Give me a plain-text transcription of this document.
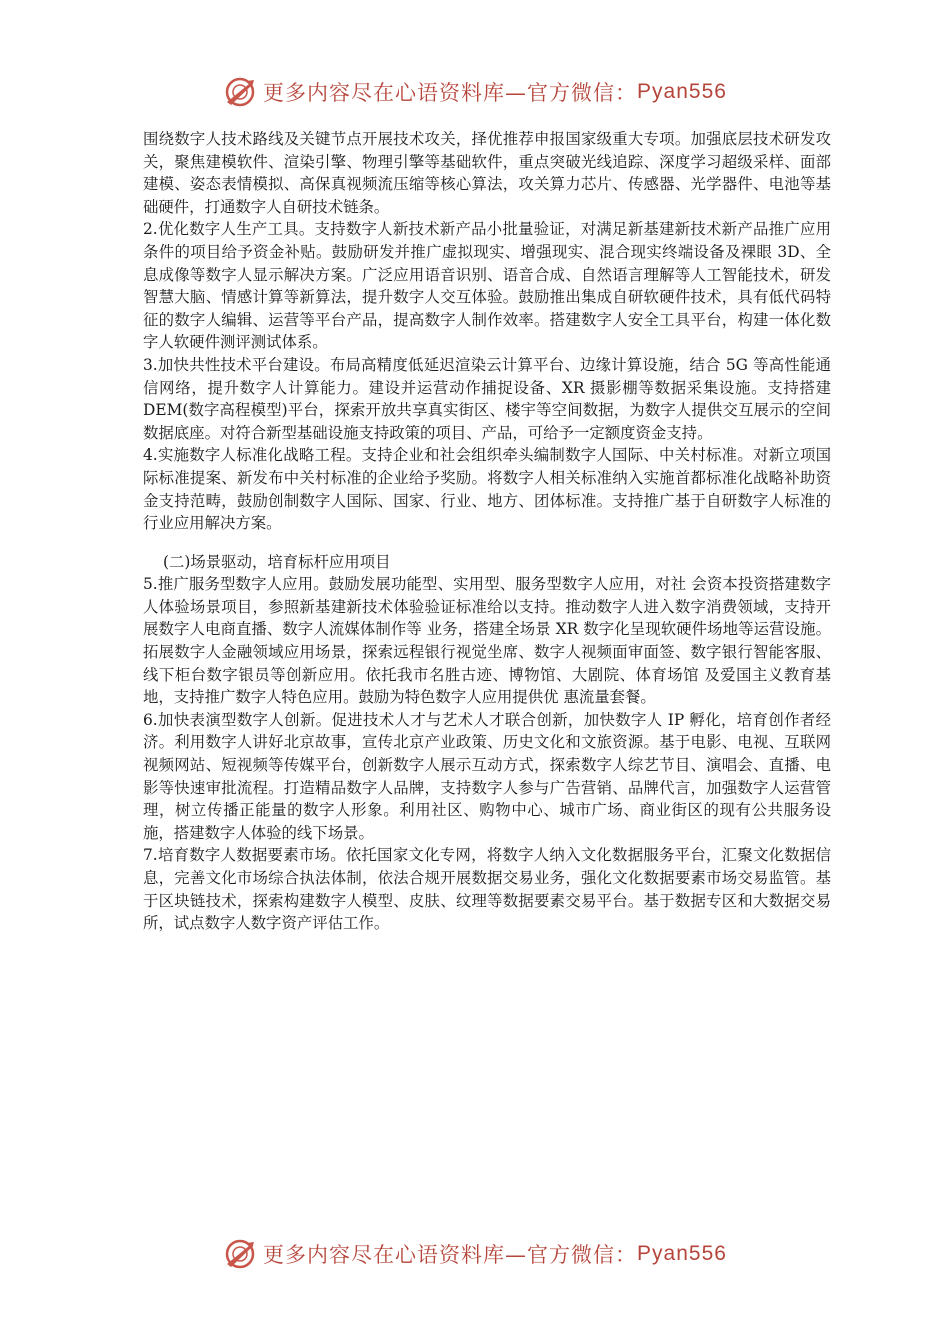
更多内容尽在心语资料库—官方微信： Pyan556

围绕数字人技术路线及关键节点开展技术攻关，择优推荐申报国家级重大专项。加强底层技术研发攻关，聚焦建模软件、渲染引擎、物理引擎等基础软件，重点突破光线追踪、深度学习超级采样、面部建模、姿态表情模拟、高保真视频流压缩等核心算法，攻关算力芯片、传感器、光学器件、电池等基础硬件，打通数字人自研技术链条。

2.优化数字人生产工具。支持数字人新技术新产品小批量验证，对满足新基建新技术新产品推广应用条件的项目给予资金补贴。鼓励研发并推广虚拟现实、增强现实、混合现实终端设备及裸眼 3D、全息成像等数字人显示解决方案。广泛应用语音识别、语音合成、自然语言理解等人工智能技术，研发智慧大脑、情感计算等新算法，提升数字人交互体验。鼓励推出集成自研软硬件技术，具有低代码特征的数字人编辑、运营等平台产品，提高数字人制作效率。搭建数字人安全工具平台，构建一体化数字人软硬件测评测试体系。

3.加快共性技术平台建设。布局高精度低延迟渲染云计算平台、边缘计算设施，结合 5G 等高性能通信网络，提升数字人计算能力。建设并运营动作捕捉设备、XR 摄影棚等数据采集设施。支持搭建 DEM(数字高程模型)平台，探索开放共享真实街区、楼宇等空间数据，为数字人提供交互展示的空间数据底座。对符合新型基础设施支持政策的项目、产品，可给予一定额度资金支持。

4.实施数字人标准化战略工程。支持企业和社会组织牵头编制数字人国际、中关村标准。对新立项国际标准提案、新发布中关村标准的企业给予奖励。将数字人相关标准纳入实施首都标准化战略补助资金支持范畴，鼓励创制数字人国际、国家、行业、地方、团体标准。支持推广基于自研数字人标准的行业应用解决方案。

(二)场景驱动，培育标杆应用项目

5.推广服务型数字人应用。鼓励发展功能型、实用型、服务型数字人应用，对社 会资本投资搭建数字人体验场景项目，参照新基建新技术体验验证标准给以支持。推动数字人进入数字消费领域，支持开展数字人电商直播、数字人流媒体制作等 业务，搭建全场景 XR 数字化呈现软硬件场地等运营设施。拓展数字人金融领域应用场景，探索远程银行视觉坐席、数字人视频面审面签、数字银行智能客服、线下柜台数字银员等创新应用。依托我市名胜古迹、博物馆、大剧院、体育场馆 及爱国主义教育基地，支持推广数字人特色应用。鼓励为特色数字人应用提供优 惠流量套餐。

6.加快表演型数字人创新。促进技术人才与艺术人才联合创新，加快数字人 IP 孵化，培育创作者经济。利用数字人讲好北京故事，宣传北京产业政策、历史文化和文旅资源。基于电影、电视、互联网视频网站、短视频等传媒平台，创新数字人展示互动方式，探索数字人综艺节目、演唱会、直播、电影等快速审批流程。打造精品数字人品牌，支持数字人参与广告营销、品牌代言，加强数字人运营管理，树立传播正能量的数字人形象。利用社区、购物中心、城市广场、商业街区的现有公共服务设施，搭建数字人体验的线下场景。

7.培育数字人数据要素市场。依托国家文化专网，将数字人纳入文化数据服务平台，汇聚文化数据信息，完善文化市场综合执法体制，依法合规开展数据交易业务，强化文化数据要素市场交易监管。基于区块链技术，探索构建数字人模型、皮肤、纹理等数据要素交易平台。基于数据专区和大数据交易所，试点数字人数字资产评估工作。

更多内容尽在心语资料库—官方微信： Pyan556
